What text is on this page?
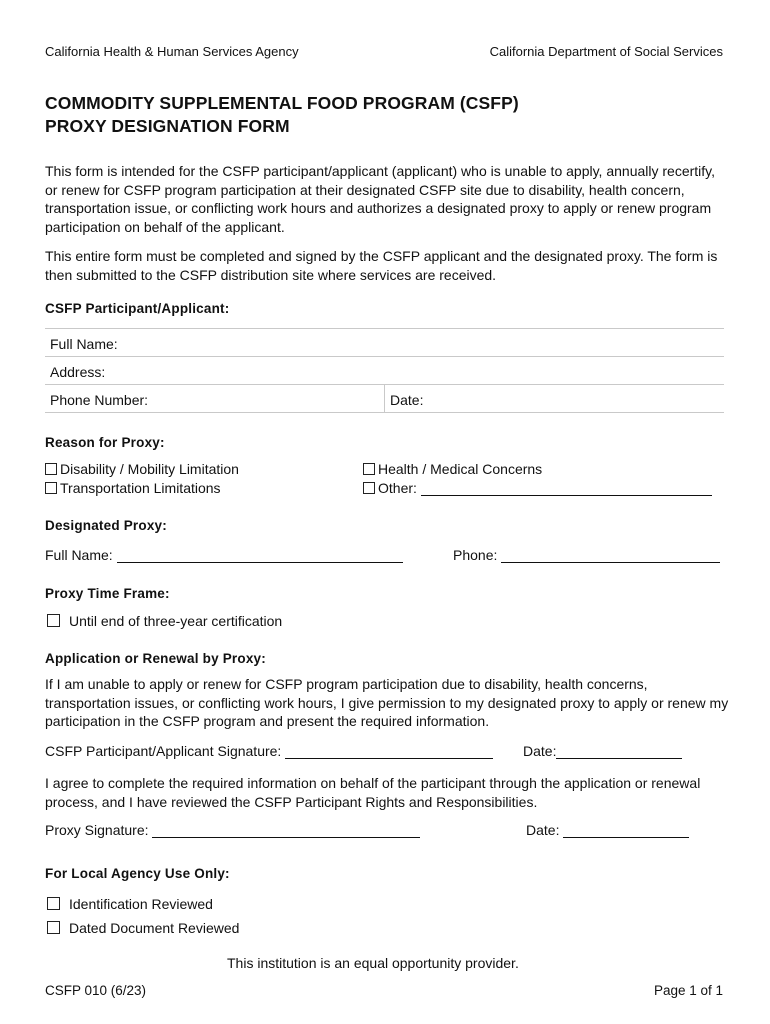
California Health & Human Services Agency	California Department of Social Services
COMMODITY SUPPLEMENTAL FOOD PROGRAM (CSFP)
PROXY DESIGNATION FORM
This form is intended for the CSFP participant/applicant (applicant) who is unable to apply, annually recertify, or renew for CSFP program participation at their designated CSFP site due to disability, health concern, transportation issue, or conflicting work hours and authorizes a designated proxy to apply or renew program participation on behalf of the applicant.
This entire form must be completed and signed by the CSFP applicant and the designated proxy. The form is then submitted to the CSFP distribution site where services are received.
CSFP Participant/Applicant:
Full Name:
Address:
Phone Number:	Date:
Reason for Proxy:
Disability / Mobility Limitation
Transportation Limitations
Health / Medical Concerns
Other:
Designated Proxy:
Full Name:	Phone:
Proxy Time Frame:
Until end of three-year certification
Application or Renewal by Proxy:
If I am unable to apply or renew for CSFP program participation due to disability, health concerns, transportation issues, or conflicting work hours, I give permission to my designated proxy to apply or renew my participation in the CSFP program and present the required information.
CSFP Participant/Applicant Signature:	Date:
I agree to complete the required information on behalf of the participant through the application or renewal process, and I have reviewed the CSFP Participant Rights and Responsibilities.
Proxy Signature:	Date:
For Local Agency Use Only:
Identification Reviewed
Dated Document Reviewed
This institution is an equal opportunity provider.
CSFP 010 (6/23)	Page 1 of 1
